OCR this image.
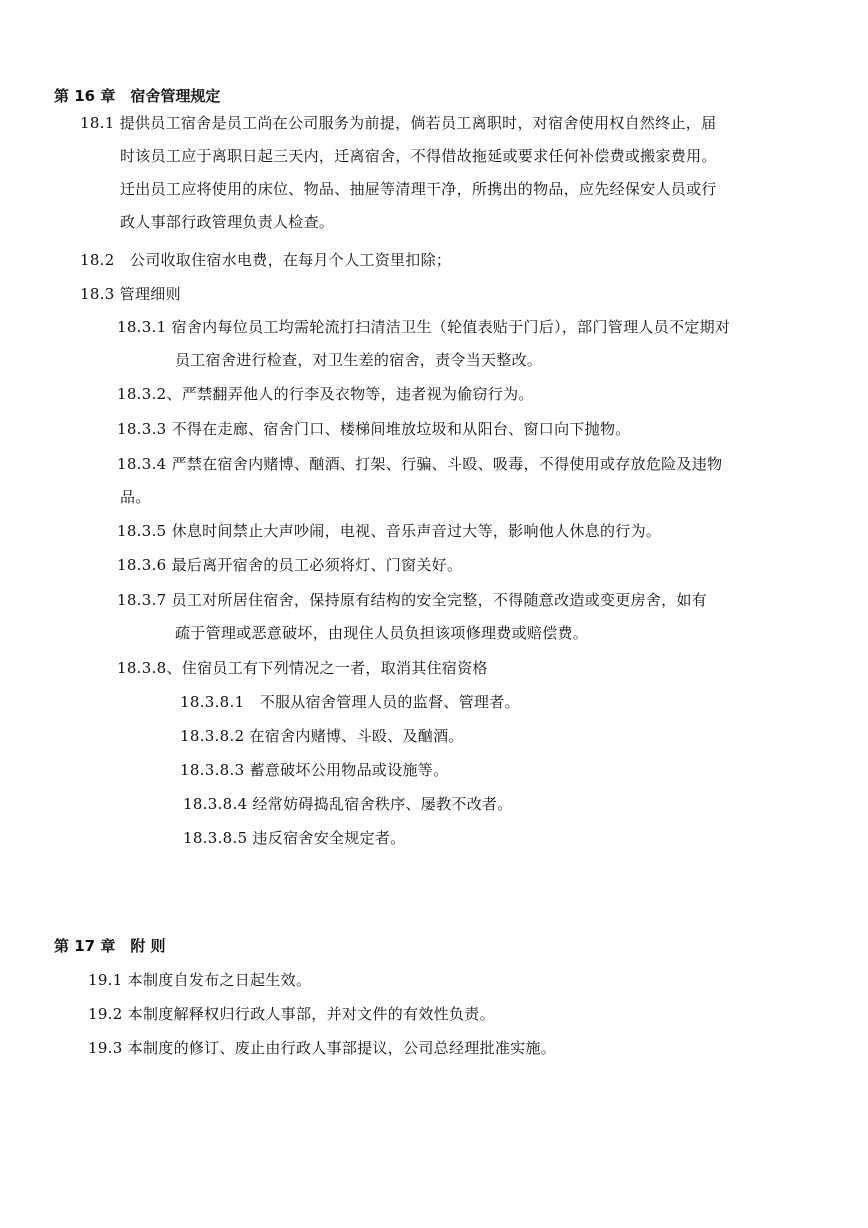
第 16 章　宿舍管理规定
18.1 提供员工宿舍是员工尚在公司服务为前提，倘若员工离职时，对宿舍使用权自然终止，届
时该员工应于离职日起三天内，迁离宿舍，不得借故拖延或要求任何补偿费或搬家费用。
迁出员工应将使用的床位、物品、抽屉等清理干净，所携出的物品，应先经保安人员或行
政人事部行政管理负责人检查。
18.2　公司收取住宿水电费，在每月个人工资里扣除；
18.3 管理细则
18.3.1 宿舍内每位员工均需轮流打扫清洁卫生（轮值表贴于门后），部门管理人员不定期对
员工宿舍进行检查，对卫生差的宿舍，责令当天整改。
18.3.2、严禁翻弄他人的行李及衣物等，违者视为偷窃行为。
18.3.3 不得在走廊、宿舍门口、楼梯间堆放垃圾和从阳台、窗口向下抛物。
18.3.4 严禁在宿舍内赌博、酗酒、打架、行骗、斗殴、吸毒，不得使用或存放危险及违物
品。
18.3.5 休息时间禁止大声吵闹，电视、音乐声音过大等，影响他人休息的行为。
18.3.6 最后离开宿舍的员工必须将灯、门窗关好。
18.3.7 员工对所居住宿舍，保持原有结构的安全完整，不得随意改造或变更房舍，如有
疏于管理或恶意破坏，由现住人员负担该项修理费或赔偿费。
18.3.8、住宿员工有下列情况之一者，取消其住宿资格
18.3.8.1　不服从宿舍管理人员的监督、管理者。
18.3.8.2 在宿舍内赌博、斗殴、及酗酒。
18.3.8.3 蓄意破坏公用物品或设施等。
18.3.8.4 经常妨碍捣乱宿舍秩序、屡教不改者。
18.3.8.5 违反宿舍安全规定者。
第 17 章　附 则
19.1 本制度自发布之日起生效。
19.2 本制度解释权归行政人事部，并对文件的有效性负责。
19.3 本制度的修订、废止由行政人事部提议，公司总经理批准实施。
